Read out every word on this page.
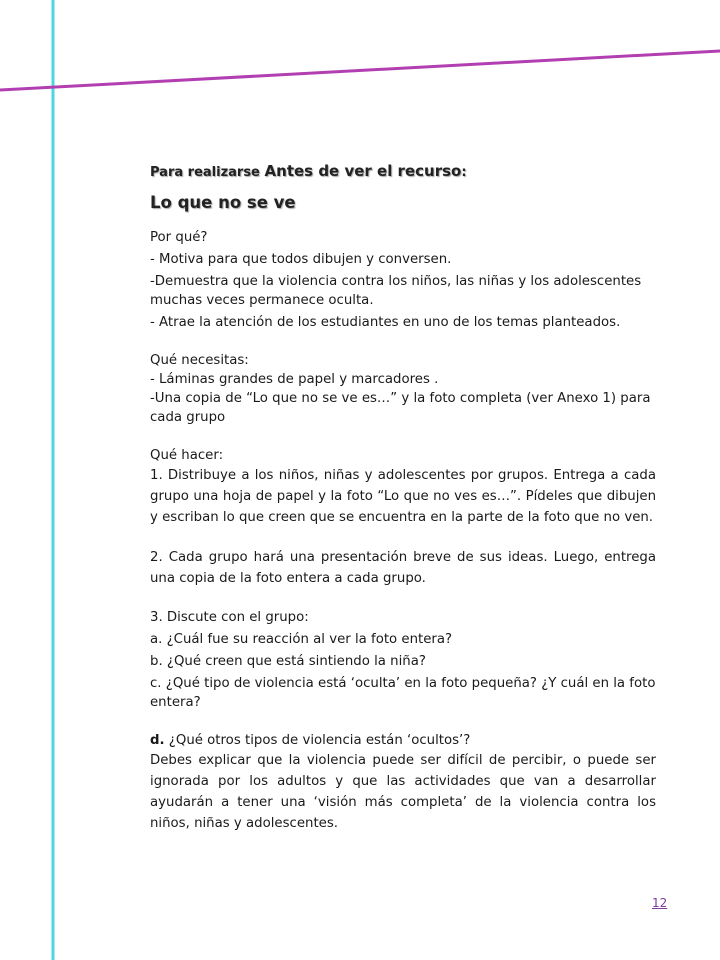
Para realizarse Antes de ver el recurso:

Lo que no se ve

Por qué?

- Motiva para que todos dibujen y conversen.

-Demuestra que la violencia contra los niños, las niñas y los adolescentes muchas veces permanece oculta.

- Atrae la atención de los estudiantes en uno de los temas planteados.

Qué necesitas:

- Láminas grandes de papel y marcadores .

-Una copia de “Lo que no se ve es…” y la foto completa (ver Anexo 1) para cada grupo

Qué hacer:

1. Distribuye a los niños, niñas y adolescentes por grupos. Entrega a cada grupo una hoja de papel y la foto “Lo que no ves es…”. Pídeles que dibujen y escriban lo que creen que se encuentra en la parte de la foto que no ven.

2. Cada grupo hará una presentación breve de sus ideas. Luego, entrega una copia de la foto entera a cada grupo.

3. Discute con el grupo:

a. ¿Cuál fue su reacción al ver la foto entera?

b. ¿Qué creen que está sintiendo la niña?

c. ¿Qué tipo de violencia está ‘oculta’ en la foto pequeña? ¿Y cuál en la foto entera?

d. ¿Qué otros tipos de violencia están ‘ocultos’?

Debes explicar que la violencia puede ser difícil de percibir, o puede ser ignorada por los adultos y que las actividades que van a desarrollar ayudarán a tener una ‘visión más completa’ de la violencia contra los niños, niñas y adolescentes.

12
